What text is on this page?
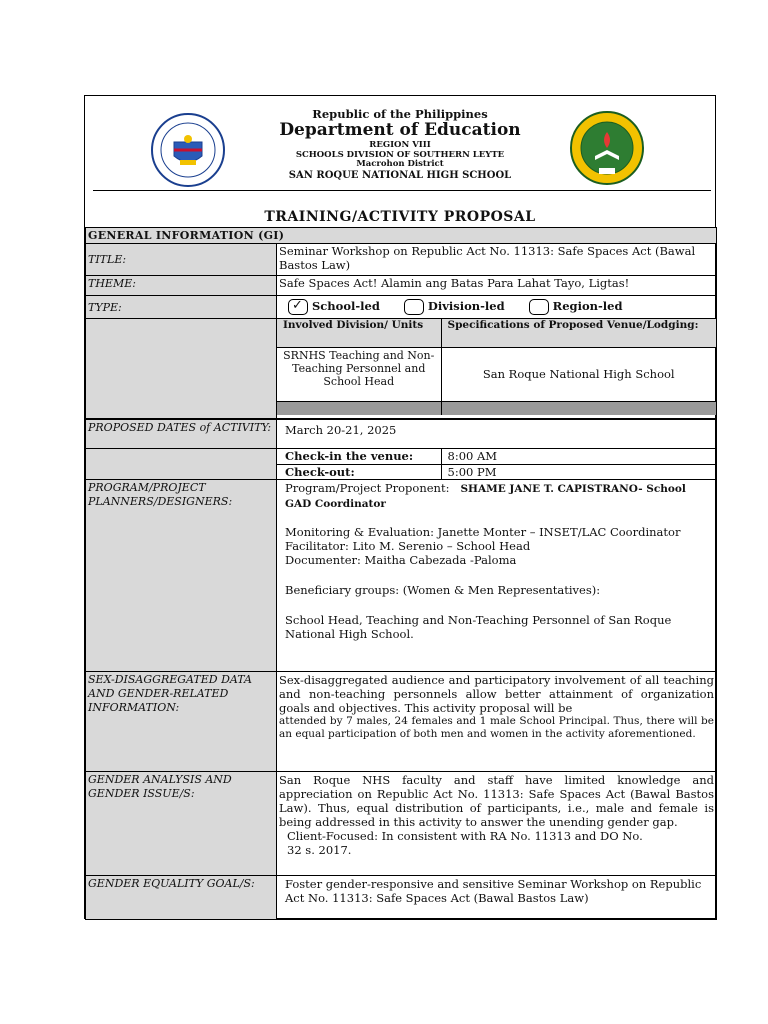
Republic of the Philippines
Department of Education
REGION VIII
SCHOOLS DIVISION OF SOUTHERN LEYTE
Macrohon District
SAN ROQUE NATIONAL HIGH SCHOOL
TRAINING/ACTIVITY PROPOSAL
GENERAL INFORMATION (GI)
TITLE:	Seminar Workshop on Republic Act No. 11313: Safe Spaces Act (Bawal Bastos Law)
THEME:	Safe Spaces Act! Alamin ang Batas Para Lahat Tayo, Ligtas!
TYPE:	✓ School-led	Division-led	Region-led

Involved Division/ Units	Specifications of Proposed Venue/Lodging:
SRNHS Teaching and Non-Teaching Personnel and School Head	San Roque National High School

PROPOSED DATES of ACTIVITY:	March 20-21, 2025

Check-in the venue:	8:00 AM
Check-out:	5:00 PM

PROGRAM/PROJECT PLANNERS/DESIGNERS:	
Program/Project Proponent: SHAME JANE T. CAPISTRANO- School GAD Coordinator
Monitoring & Evaluation: Janette Monter – INSET/LAC Coordinator
Facilitator: Lito M. Serenio – School Head
Documenter: Maitha Cabezada -Paloma
Beneficiary groups: (Women & Men Representatives):
School Head, Teaching and Non-Teaching Personnel of San Roque National High School.

SEX-DISAGGREGATED DATA AND GENDER-RELATED INFORMATION:	
Sex-disaggregated audience and participatory involvement of all teaching and non-teaching personnels allow better attainment of organization goals and objectives. This activity proposal will be
attended by 7 males, 24 females and 1 male School Principal. Thus, there will be an equal participation of both men and women in the activity aforementioned.

GENDER ANALYSIS AND GENDER ISSUE/S:	
San Roque NHS faculty and staff have limited knowledge and appreciation on Republic Act No. 11313: Safe Spaces Act (Bawal Bastos Law). Thus, equal distribution of participants, i.e., male and female is being addressed in this activity to answer the unending gender gap.
Client-Focused: In consistent with RA No. 11313 and DO No. 32 s. 2017.

GENDER EQUALITY GOAL/S:	Foster gender-responsive and sensitive Seminar Workshop on Republic Act No. 11313: Safe Spaces Act (Bawal Bastos Law)
